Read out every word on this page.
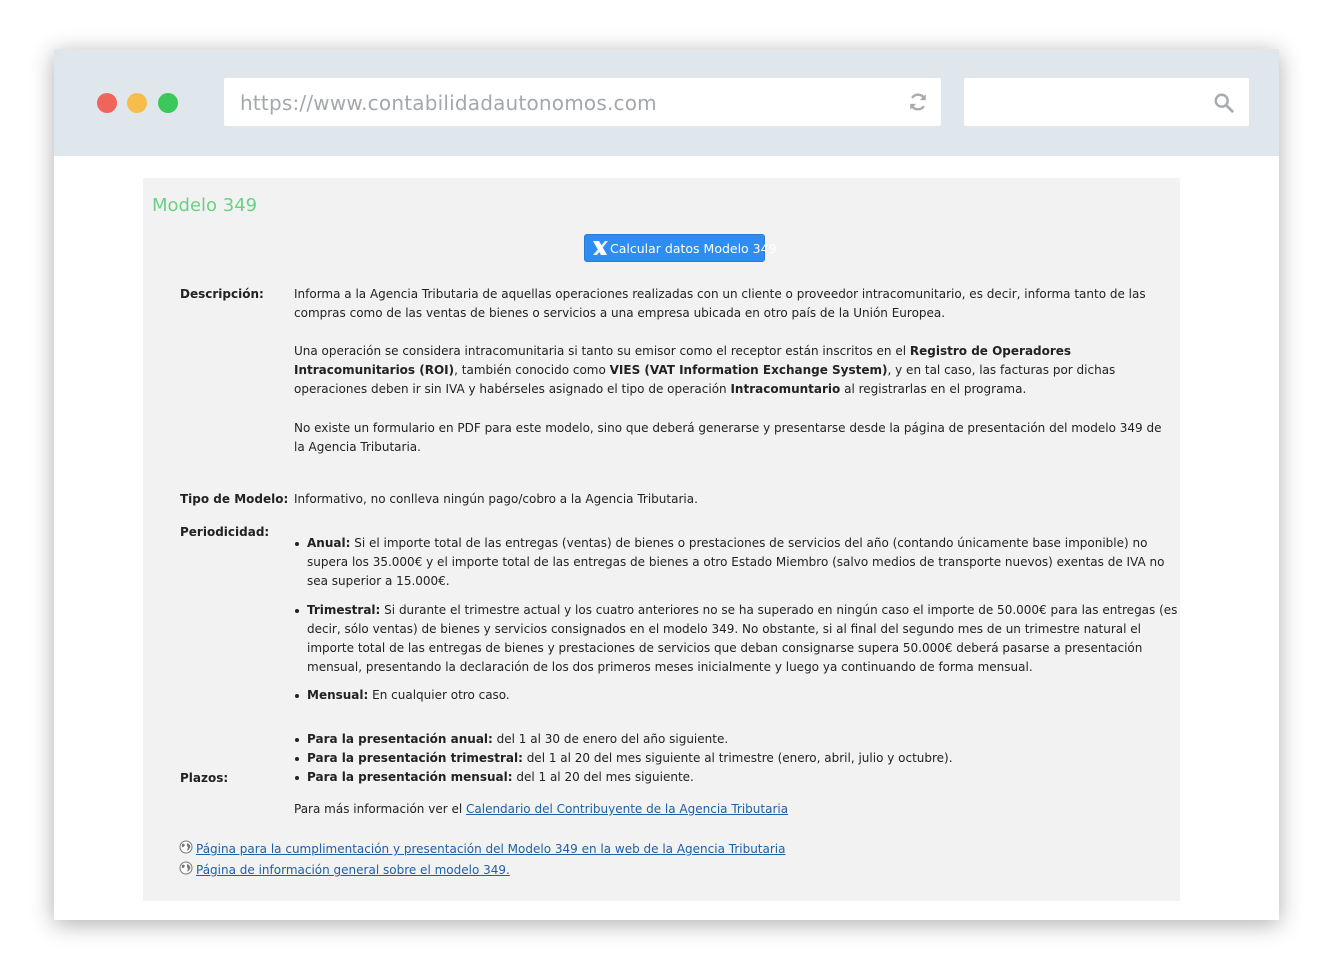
https://www.contabilidadautonomos.com
Modelo 349
Calcular datos Modelo 349
Descripción:	Informa a la Agencia Tributaria de aquellas operaciones realizadas con un cliente o proveedor intracomunitario, es decir, informa tanto de las compras como de las ventas de bienes o servicios a una empresa ubicada en otro país de la Unión Europea.

Una operación se considera intracomunitaria si tanto su emisor como el receptor están inscritos en el Registro de Operadores Intracomunitarios (ROI), también conocido como VIES (VAT Information Exchange System), y en tal caso, las facturas por dichas operaciones deben ir sin IVA y habérseles asignado el tipo de operación Intracomuntario al registrarlas en el programa.

No existe un formulario en PDF para este modelo, sino que deberá generarse y presentarse desde la página de presentación del modelo 349 de la Agencia Tributaria.

Tipo de Modelo: Informativo, no conlleva ningún pago/cobro a la Agencia Tributaria.

Periodicidad:
Anual: Si el importe total de las entregas (ventas) de bienes o prestaciones de servicios del año (contando únicamente base imponible) no supera los 35.000€ y el importe total de las entregas de bienes a otro Estado Miembro (salvo medios de transporte nuevos) exentas de IVA no sea superior a 15.000€.
Trimestral: Si durante el trimestre actual y los cuatro anteriores no se ha superado en ningún caso el importe de 50.000€ para las entregas (es decir, sólo ventas) de bienes y servicios consignados en el modelo 349. No obstante, si al final del segundo mes de un trimestre natural el importe total de las entregas de bienes y prestaciones de servicios que deban consignarse supera 50.000€ deberá pasarse a presentación mensual, presentando la declaración de los dos primeros meses inicialmente y luego ya continuando de forma mensual.
Mensual: En cualquier otro caso.
Plazos:
Para la presentación anual: del 1 al 30 de enero del año siguiente.
Para la presentación trimestral: del 1 al 20 del mes siguiente al trimestre (enero, abril, julio y octubre).
Para la presentación mensual: del 1 al 20 del mes siguiente.

Para más información ver el Calendario del Contribuyente de la Agencia Tributaria

Página para la cumplimentación y presentación del Modelo 349 en la web de la Agencia Tributaria
Página de información general sobre el modelo 349.
